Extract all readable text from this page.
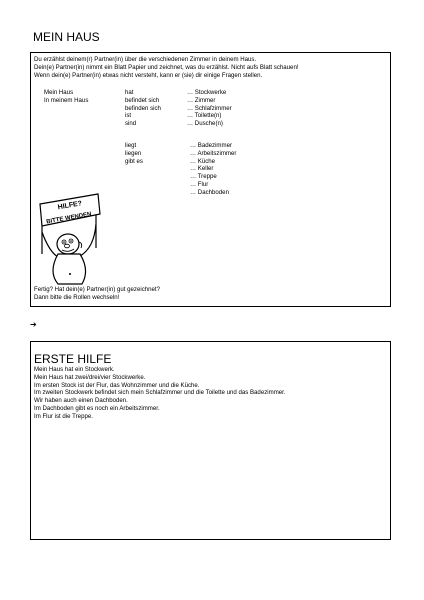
MEIN HAUS
Du erzählst deinem(r) Partner(in) über die verschiedenen Zimmer in deinem Haus.
Dein(e) Partner(in) nimmt ein Blatt Papier und zeichnet, was du erzählst. Nicht aufs Blatt schauen!
Wenn dein(e) Partner(in) etwas nicht versteht, kann er (sie) dir einige Fragen stellen.
Mein Haus
In meinem Haus
hat
befindet sich
befinden sich
ist
sind
… Stockwerke
… Zimmer
… Schlafzimmer
… Toilette(n)
… Dusche(n)
liegt
liegen
gibt es
… Badezimmer
… Arbeitszimmer
… Küche
… Keller
… Treppe
… Flur
… Dachboden
HILFE?
BITTE WENDEN
Fertig? Hat dein(e) Partner(in) gut gezeichnet?
Dann bitte die Rollen wechseln!
➔
ERSTE HILFE
Mein Haus hat ein Stockwerk.
Mein Haus hat zwei/drei/vier Stockwerke.
Im ersten Stock ist der Flur, das Wohnzimmer und die Küche.
Im zweiten Stockwerk befindet sich mein Schlafzimmer und die Toilette und das Badezimmer.
Wir haben auch einen Dachboden.
Im Dachboden gibt es noch ein Arbeitszimmer.
Im Flur ist die Treppe.
